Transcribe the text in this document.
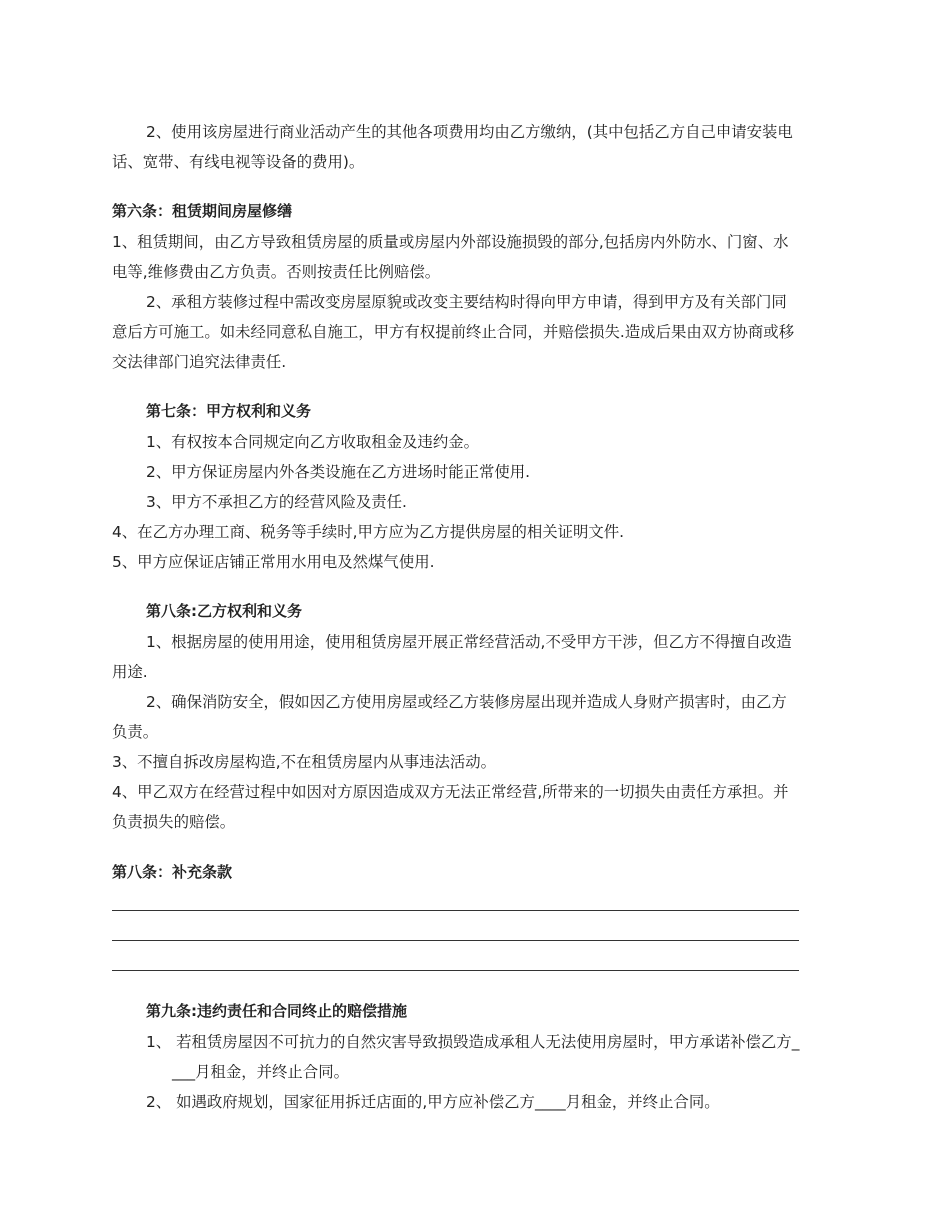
2、使用该房屋进行商业活动产生的其他各项费用均由乙方缴纳，(其中包括乙方自己申请安装电

话、宽带、有线电视等设备的费用)。

第六条：租赁期间房屋修缮

1、租赁期间，由乙方导致租赁房屋的质量或房屋内外部设施损毁的部分,包括房内外防水、门窗、水

电等,维修费由乙方负责。否则按责任比例赔偿。

2、承租方装修过程中需改变房屋原貌或改变主要结构时得向甲方申请，得到甲方及有关部门同

意后方可施工。如未经同意私自施工，甲方有权提前终止合同，并赔偿损失.造成后果由双方协商或移

交法律部门追究法律责任.

第七条：甲方权利和义务

1、有权按本合同规定向乙方收取租金及违约金。

2、甲方保证房屋内外各类设施在乙方进场时能正常使用.

3、甲方不承担乙方的经营风险及责任.

4、在乙方办理工商、税务等手续时,甲方应为乙方提供房屋的相关证明文件.

5、甲方应保证店铺正常用水用电及然煤气使用.

第八条:乙方权利和义务

1、根据房屋的使用用途，使用租赁房屋开展正常经营活动,不受甲方干涉，但乙方不得擅自改造

用途.

2、确保消防安全，假如因乙方使用房屋或经乙方装修房屋出现并造成人身财产损害时，由乙方

负责。

3、不擅自拆改房屋构造,不在租赁房屋内从事违法活动。

4、甲乙双方在经营过程中如因对方原因造成双方无法正常经营,所带来的一切损失由责任方承担。并

负责损失的赔偿。

第八条：补充条款

第九条:违约责任和合同终止的赔偿措施

1、 若租赁房屋因不可抗力的自然灾害导致损毁造成承租人无法使用房屋时，甲方承诺补偿乙方_

___月租金，并终止合同。

2、 如遇政府规划，国家征用拆迁店面的,甲方应补偿乙方____月租金，并终止合同。
